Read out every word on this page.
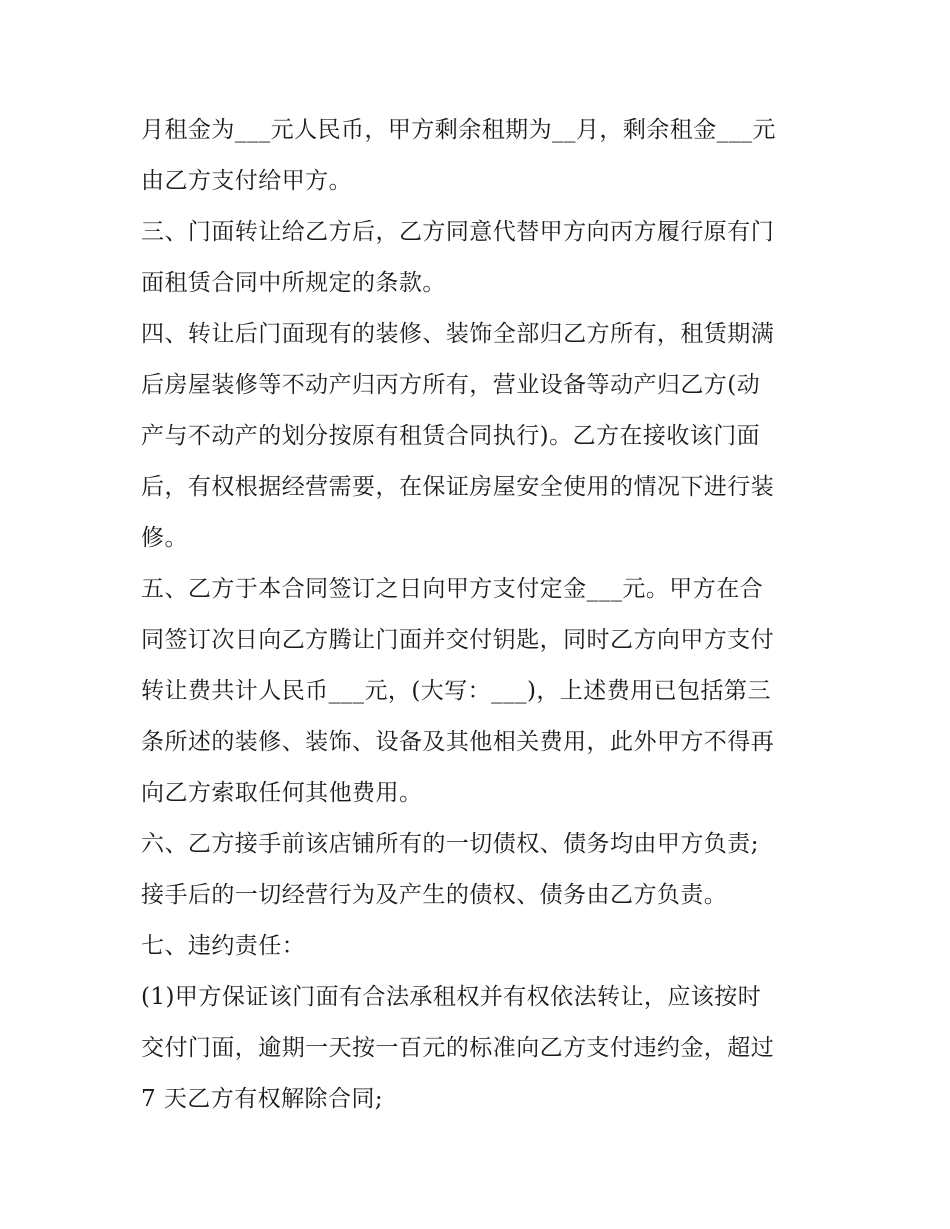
月租金为___元人民币，甲方剩余租期为__月，剩余租金___元
由乙方支付给甲方。
三、门面转让给乙方后，乙方同意代替甲方向丙方履行原有门
面租赁合同中所规定的条款。
四、转让后门面现有的装修、装饰全部归乙方所有，租赁期满
后房屋装修等不动产归丙方所有，营业设备等动产归乙方(动
产与不动产的划分按原有租赁合同执行)。乙方在接收该门面
后，有权根据经营需要，在保证房屋安全使用的情况下进行装
修。
五、乙方于本合同签订之日向甲方支付定金___元。甲方在合
同签订次日向乙方腾让门面并交付钥匙，同时乙方向甲方支付
转让费共计人民币___元，(大写：___)，上述费用已包括第三
条所述的装修、装饰、设备及其他相关费用，此外甲方不得再
向乙方索取任何其他费用。
六、乙方接手前该店铺所有的一切债权、债务均由甲方负责;
接手后的一切经营行为及产生的债权、债务由乙方负责。
七、违约责任：
(1)甲方保证该门面有合法承租权并有权依法转让，应该按时
交付门面，逾期一天按一百元的标准向乙方支付违约金，超过
7 天乙方有权解除合同;
